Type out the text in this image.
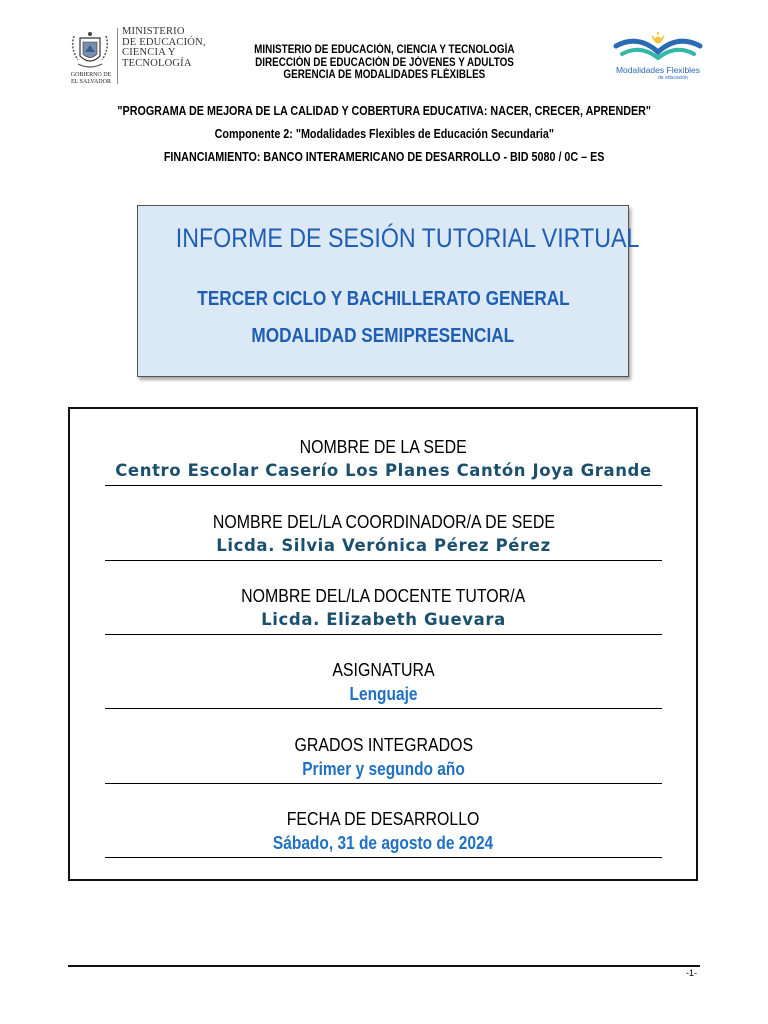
GOBIERNO DE
EL SALVADOR
MINISTERIO
DE EDUCACIÓN,
CIENCIA Y
TECNOLOGÍA
MINISTERIO DE EDUCACIÓN, CIENCIA Y TECNOLOGÍA
DIRECCIÓN DE EDUCACIÓN DE JÓVENES Y ADULTOS
GERENCIA DE MODALIDADES FLÉXIBLES	Modalidades Flexibles
de educación
"PROGRAMA DE MEJORA DE LA CALIDAD Y COBERTURA EDUCATIVA: NACER, CRECER, APRENDER"
Componente 2: "Modalidades Flexibles de Educación Secundaria"
FINANCIAMIENTO: BANCO INTERAMERICANO DE DESARROLLO - BID 5080 / 0C – ES
INFORME DE SESIÓN TUTORIAL VIRTUAL
TERCER CICLO Y BACHILLERATO GENERAL
MODALIDAD SEMIPRESENCIAL
NOMBRE DE LA SEDE
Centro Escolar Caserío Los Planes Cantón Joya Grande
NOMBRE DEL/LA COORDINADOR/A DE SEDE
Licda. Silvia Verónica Pérez Pérez
NOMBRE DEL/LA DOCENTE TUTOR/A
Licda. Elizabeth Guevara
ASIGNATURA
Lenguaje
GRADOS INTEGRADOS
Primer y segundo año
FECHA DE DESARROLLO
Sábado, 31 de agosto de 2024
-1-
